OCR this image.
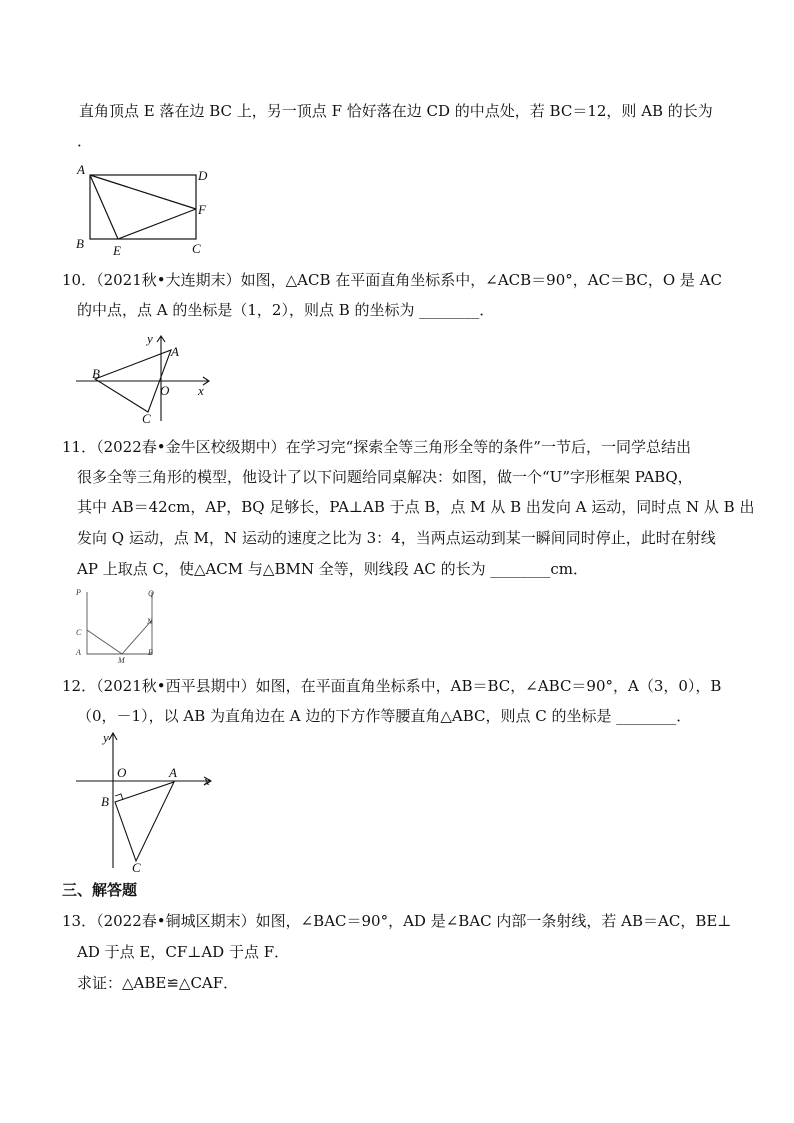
直角顶点 E 落在边 BC 上，另一顶点 F 恰好落在边 CD 的中点处，若 BC＝12，则 AB 的长为
．
A	D
F
B E	C
10．（2021秋•大连期末）如图，△ACB 在平面直角坐标系中，∠ACB＝90°，AC＝BC，O 是 AC
的中点，点 A 的坐标是（1，2），则点 B 的坐标为 ________．
y
A
B
O x
C
11．（2022春•金牛区校级期中）在学习完“探索全等三角形全等的条件”一节后，一同学总结出
很多全等三角形的模型，他设计了以下问题给同桌解决：如图，做一个“U”字形框架 PABQ，
其中 AB＝42cm，AP，BQ 足够长，PA⊥AB 于点 B，点 M 从 B 出发向 A 运动，同时点 N 从 B 出
发向 Q 运动，点 M，N 运动的速度之比为 3：4，当两点运动到某一瞬间同时停止，此时在射线
AP 上取点 C，使△ACM 与△BMN 全等，则线段 AC 的长为 ________cm．
P	Q
C
N
A
M
B
12．（2021秋•西平县期中）如图，在平面直角坐标系中，AB＝BC，∠ABC＝90°，A（3，0），B
（0，－1），以 AB 为直角边在 A 边的下方作等腰直角△ABC，则点 C 的坐标是 ________．
y
O	A
x
B
C
三、解答题
13．（2022春•铜城区期末）如图，∠BAC＝90°，AD 是∠BAC 内部一条射线，若 AB＝AC，BE⊥
AD 于点 E，CF⊥AD 于点 F．
求证：△ABE≌△CAF．
